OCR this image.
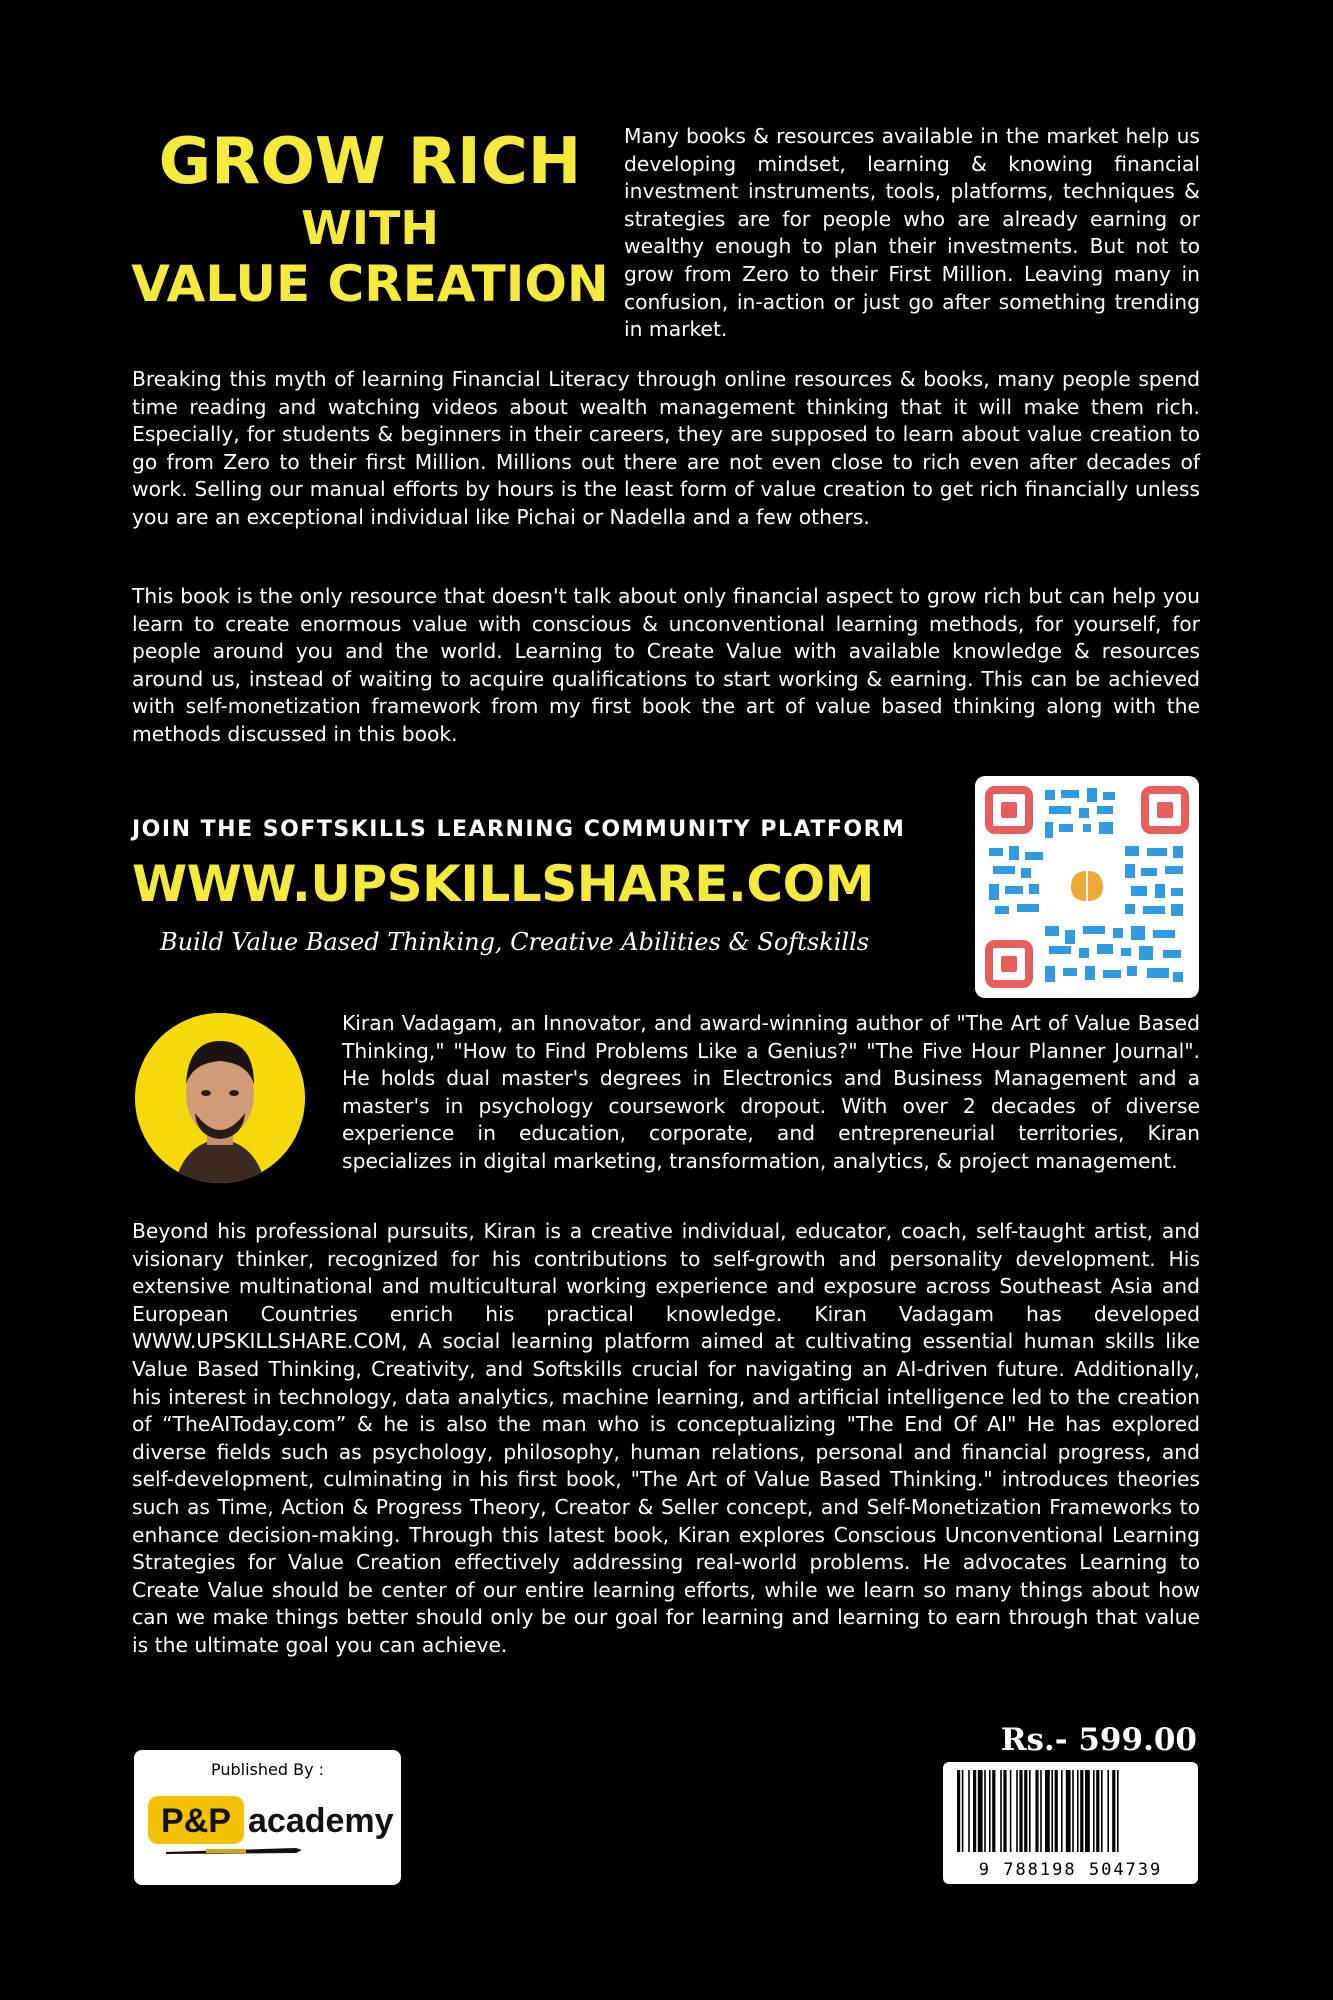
GROW RICH
WITH
VALUE CREATION

Many books & resources available in the market help us developing mindset, learning & knowing financial investment instruments, tools, platforms, techniques & strategies are for people who are already earning or wealthy enough to plan their investments. But not to grow from Zero to their First Million. Leaving many in confusion, in-action or just go after something trending in market.

Breaking this myth of learning Financial Literacy through online resources & books, many people spend time reading and watching videos about wealth management thinking that it will make them rich. Especially, for students & beginners in their careers, they are supposed to learn about value creation to go from Zero to their first Million. Millions out there are not even close to rich even after decades of work. Selling our manual efforts by hours is the least form of value creation to get rich financially unless you are an exceptional individual like Pichai or Nadella and a few others.

This book is the only resource that doesn't talk about only financial aspect to grow rich but can help you learn to create enormous value with conscious & unconventional learning methods, for yourself, for people around you and the world. Learning to Create Value with available knowledge & resources around us, instead of waiting to acquire qualifications to start working & earning. This can be achieved with self-monetization framework from my first book the art of value based thinking along with the methods discussed in this book.

JOIN THE SOFTSKILLS LEARNING COMMUNITY PLATFORM
WWW.UPSKILLSHARE.COM
Build Value Based Thinking, Creative Abilities & Softskills

Kiran Vadagam, an Innovator, and award-winning author of "The Art of Value Based Thinking," "How to Find Problems Like a Genius?" "The Five Hour Planner Journal". He holds dual master's degrees in Electronics and Business Management and a master's in psychology coursework dropout. With over 2 decades of diverse experience in education, corporate, and entrepreneurial territories, Kiran specializes in digital marketing, transformation, analytics, & project management.

Beyond his professional pursuits, Kiran is a creative individual, educator, coach, self-taught artist, and visionary thinker, recognized for his contributions to self-growth and personality development. His extensive multinational and multicultural working experience and exposure across Southeast Asia and European Countries enrich his practical knowledge. Kiran Vadagam has developed WWW.UPSKILLSHARE.COM, A social learning platform aimed at cultivating essential human skills like Value Based Thinking, Creativity, and Softskills crucial for navigating an AI-driven future. Additionally, his interest in technology, data analytics, machine learning, and artificial intelligence led to the creation of “TheAIToday.com” & he is also the man who is conceptualizing "The End Of AI" He has explored diverse fields such as psychology, philosophy, human relations, personal and financial progress, and self-development, culminating in his first book, "The Art of Value Based Thinking." introduces theories such as Time, Action & Progress Theory, Creator & Seller concept, and Self-Monetization Frameworks to enhance decision-making. Through this latest book, Kiran explores Conscious Unconventional Learning Strategies for Value Creation effectively addressing real-world problems. He advocates Learning to Create Value should be center of our entire learning efforts, while we learn so many things about how can we make things better should only be our goal for learning and learning to earn through that value is the ultimate goal you can achieve.

Rs.- 599.00
9 788198 504739
Published By :
P&P academy
